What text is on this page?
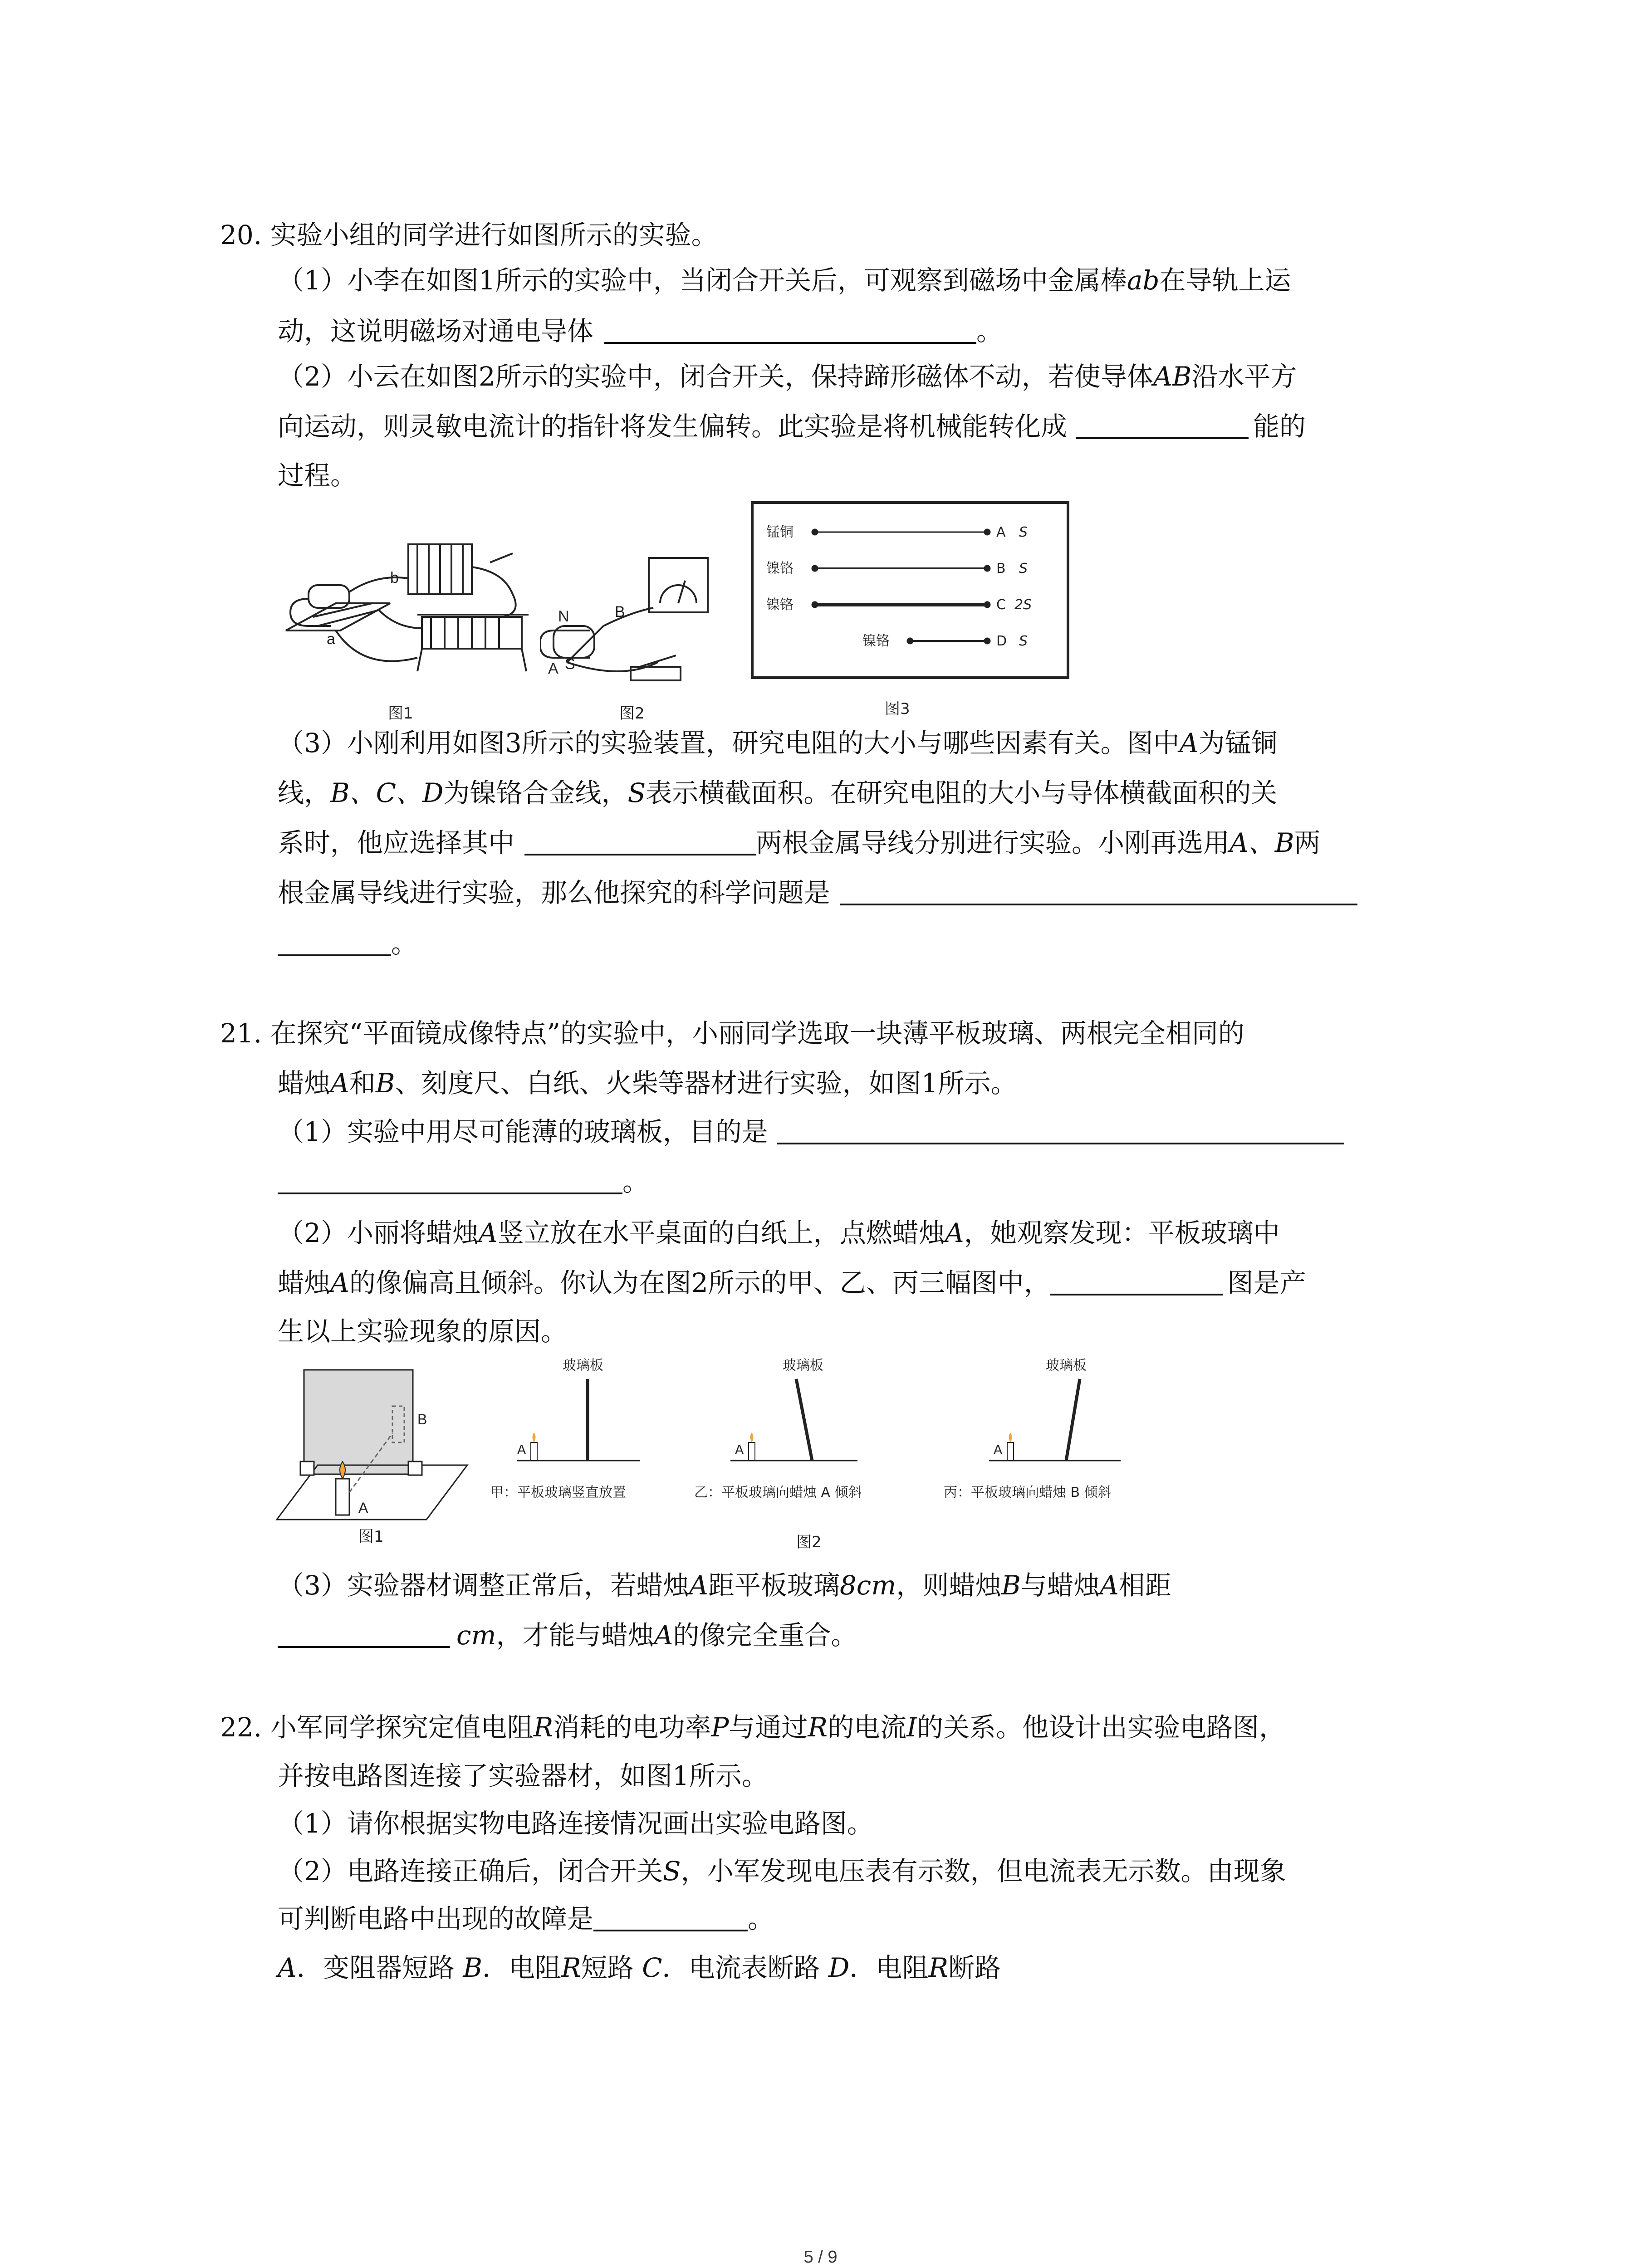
20. 实验小组的同学进行如图所示的实验。
（1）小李在如图1所示的实验中，当闭合开关后，可观察到磁场中金属棒ab在导轨上运
动，这说明磁场对通电导体	。
（2）小云在如图2所示的实验中，闭合开关，保持蹄形磁体不动，若使导体AB沿水平方
向运动，则灵敏电流计的指针将发生偏转。此实验是将机械能转化成	能的
过程。
b
a
图1
N
S
A
B
图2
锰铜
镍铬
镍铬
镍铬
A
B
C
D
S
S
2S
S
图3
（3）小刚利用如图3所示的实验装置，研究电阻的大小与哪些因素有关。图中A为锰铜
线，B、C、D为镍铬合金线，S表示横截面积。在研究电阻的大小与导体横截面积的关
系时，他应选择其中	两根金属导线分别进行实验。小刚再选用A、B两
根金属导线进行实验，那么他探究的科学问题是
。
21. 在探究“平面镜成像特点”的实验中，小丽同学选取一块薄平板玻璃、两根完全相同的
蜡烛A和B、刻度尺、白纸、火柴等器材进行实验，如图1所示。
（1）实验中用尽可能薄的玻璃板，目的是
。
（2）小丽将蜡烛A竖立放在水平桌面的白纸上，点燃蜡烛A，她观察发现：平板玻璃中
蜡烛A的像偏高且倾斜。你认为在图2所示的甲、乙、丙三幅图中，	图是产
生以上实验现象的原因。
A
B
图1
玻璃板
A
甲：平板玻璃竖直放置
玻璃板
A
乙：平板玻璃向蜡烛 A 倾斜
玻璃板
A
丙：平板玻璃向蜡烛 B 倾斜
图2
（3）实验器材调整正常后，若蜡烛A距平板玻璃8cm，则蜡烛B与蜡烛A相距
cm，才能与蜡烛A的像完全重合。
22. 小军同学探究定值电阻R消耗的电功率P与通过R的电流I的关系。他设计出实验电路图，
并按电路图连接了实验器材，如图1所示。
（1）请你根据实物电路连接情况画出实验电路图。
（2）电路连接正确后，闭合开关S，小军发现电压表有示数，但电流表无示数。由现象
可判断电路中出现的故障是	。
A．变阻器短路 B．电阻R短路 C．电流表断路 D．电阻R断路
5 / 9
